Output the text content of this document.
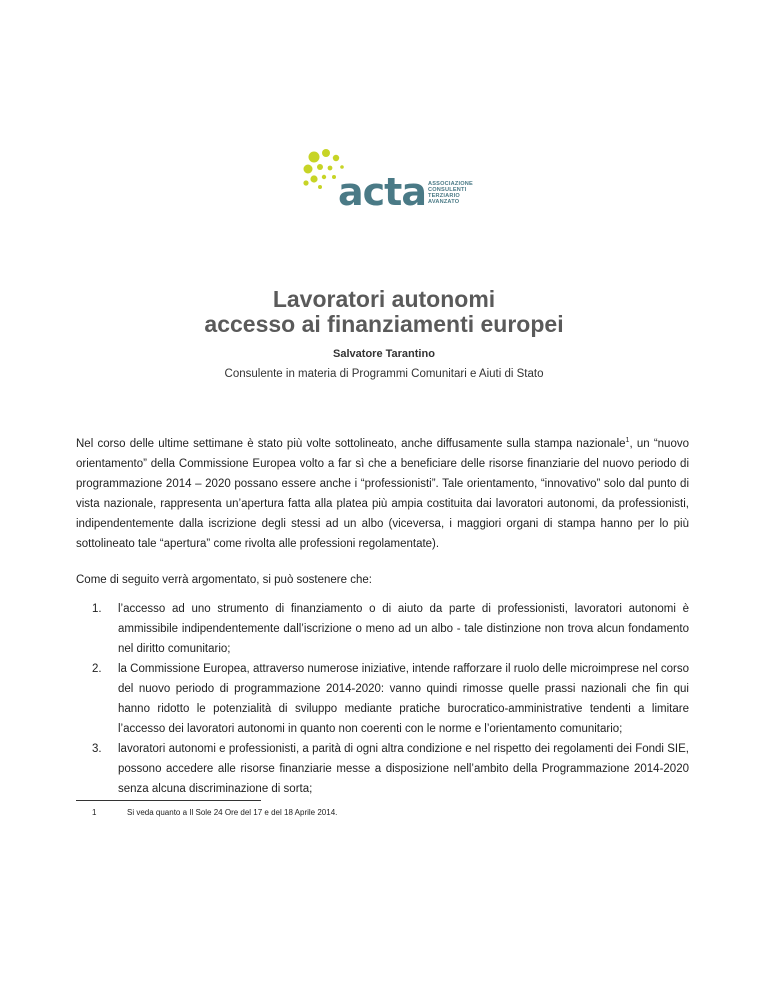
acta ASSOCIAZIONE
CONSULENTI
TERZIARIO
AVANZATO
Lavoratori autonomi
accesso ai finanziamenti europei
Salvatore Tarantino
Consulente in materia di Programmi Comunitari e Aiuti di Stato
Nel corso delle ultime settimane è stato più volte sottolineato, anche diffusamente sulla stampa nazionale$^1$, un “nuovo orientamento” della Commissione Europea volto a far sì che a beneficiare delle risorse finanziarie del nuovo periodo di programmazione 2014 – 2020 possano essere anche i “professionisti”. Tale orientamento, “innovativo” solo dal punto di vista nazionale, rappresenta un’apertura fatta alla platea più ampia costituita dai lavoratori autonomi, da professionisti, indipendentemente dalla iscrizione degli stessi ad un albo (viceversa, i maggiori organi di stampa hanno per lo più sottolineato tale “apertura” come rivolta alle professioni regolamentate).
Come di seguito verrà argomentato, si può sostenere che:
1. l’accesso ad uno strumento di finanziamento o di aiuto da parte di professionisti, lavoratori autonomi è ammissibile indipendentemente dall’iscrizione o meno ad un albo - tale distinzione non trova alcun fondamento nel diritto comunitario;
2. la Commissione Europea, attraverso numerose iniziative, intende rafforzare il ruolo delle microimprese nel corso del nuovo periodo di programmazione 2014-2020: vanno quindi rimosse quelle prassi nazionali che fin qui hanno ridotto le potenzialità di sviluppo mediante pratiche burocratico-amministrative tendenti a limitare l’accesso dei lavoratori autonomi in quanto non coerenti con le norme e l’orientamento comunitario;
3. lavoratori autonomi e professionisti, a parità di ogni altra condizione e nel rispetto dei regolamenti dei Fondi SIE, possono accedere alle risorse finanziarie messe a disposizione nell’ambito della Programmazione 2014-2020 senza alcuna discriminazione di sorta;
1	Si veda quanto a Il Sole 24 Ore del 17 e del 18 Aprile 2014.
